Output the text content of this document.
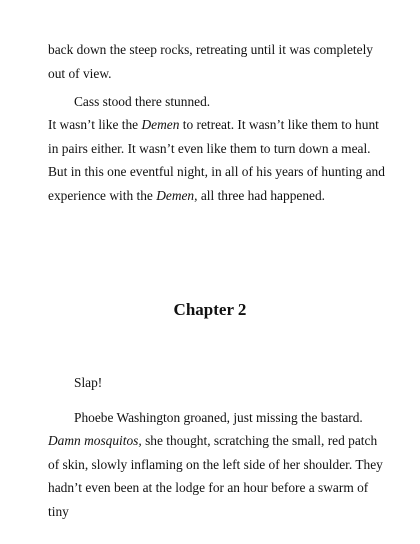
back down the steep rocks, retreating until it was completely out of view.

Cass stood there stunned.

It wasn’t like the Demen to retreat. It wasn’t like them to hunt in pairs either. It wasn’t even like them to turn down a meal. But in this one eventful night, in all of his years of hunting and experience with the Demen, all three had happened.

Chapter 2

Slap!

Phoebe Washington groaned, just missing the bastard.

Damn mosquitos, she thought, scratching the small, red patch of skin, slowly inflaming on the left side of her shoulder. They hadn’t even been at the lodge for an hour before a swarm of tiny
